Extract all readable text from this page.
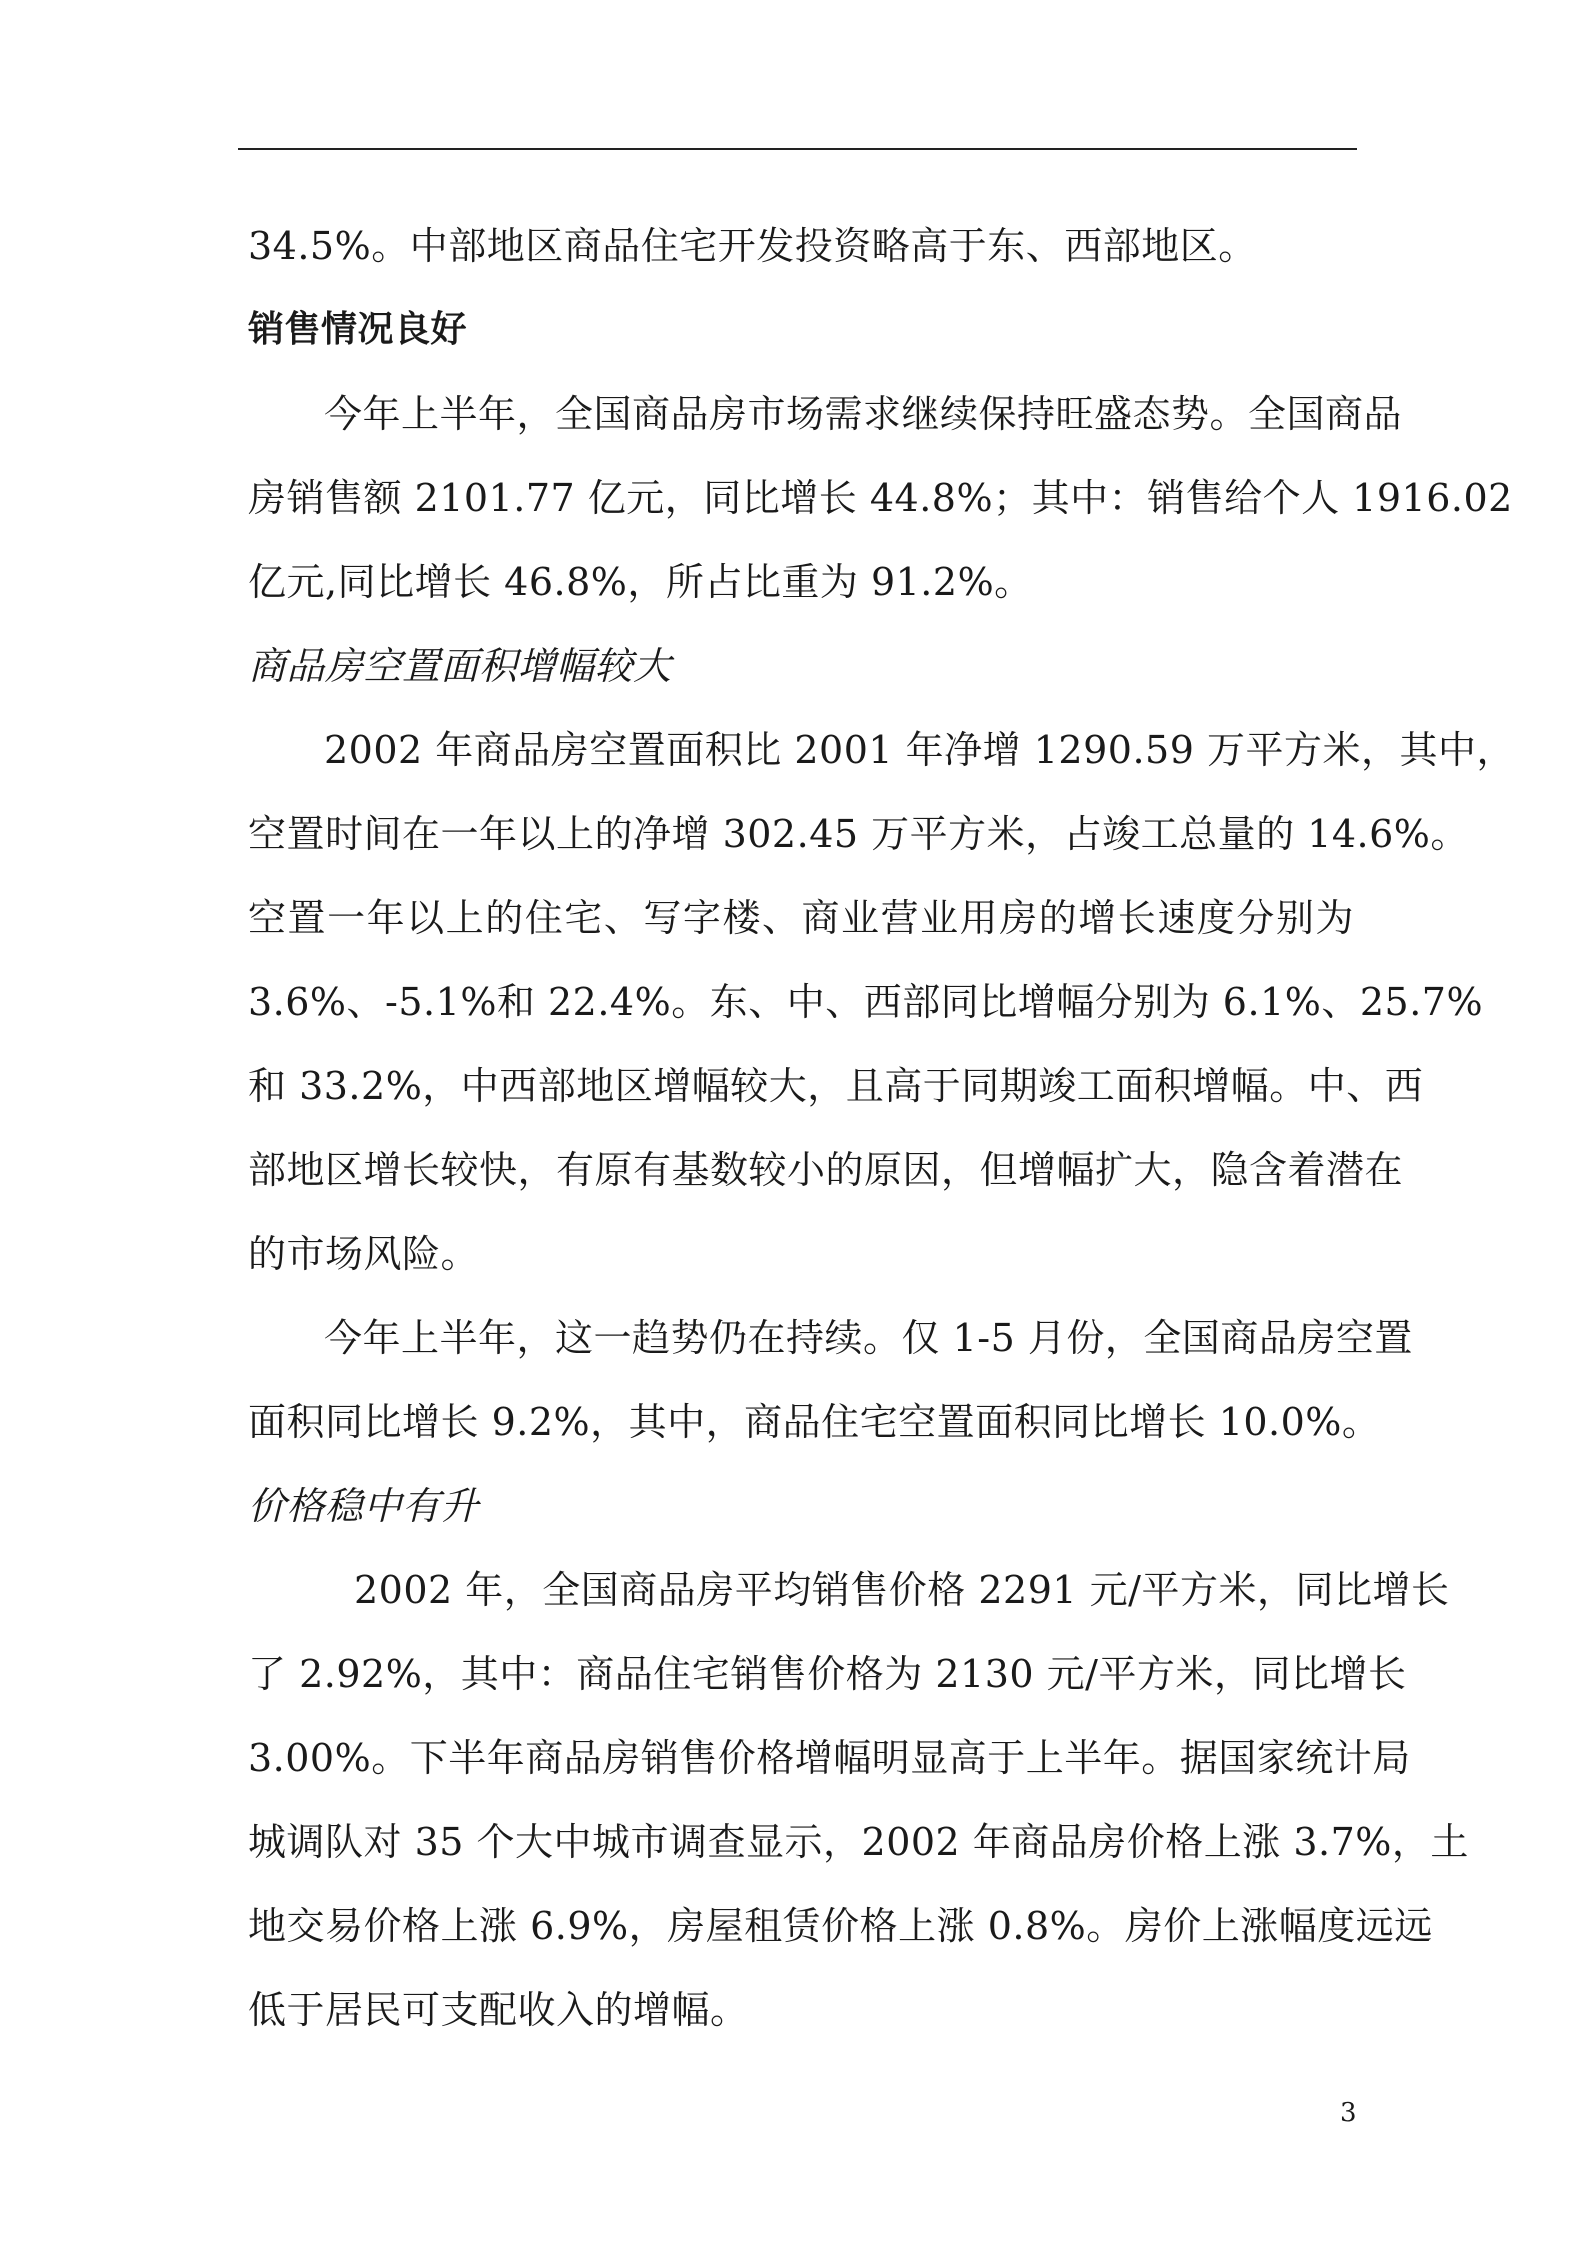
34.5%。中部地区商品住宅开发投资略高于东、西部地区。
销售情况良好
今年上半年，全国商品房市场需求继续保持旺盛态势。全国商品
房销售额 2101.77 亿元，同比增长 44.8%；其中：销售给个人 1916.02
亿元,同比增长 46.8%，所占比重为 91.2%。
商品房空置面积增幅较大
2002 年商品房空置面积比 2001 年净增 1290.59 万平方米，其中，
空置时间在一年以上的净增 302.45 万平方米，占竣工总量的 14.6%。
空置一年以上的住宅、写字楼、商业营业用房的增长速度分别为
3.6%、-5.1%和 22.4%。东、中、西部同比增幅分别为 6.1%、25.7%
和 33.2%，中西部地区增幅较大，且高于同期竣工面积增幅。中、西
部地区增长较快，有原有基数较小的原因，但增幅扩大，隐含着潜在
的市场风险。
今年上半年，这一趋势仍在持续。仅 1-5 月份，全国商品房空置
面积同比增长 9.2%，其中，商品住宅空置面积同比增长 10.0%。
价格稳中有升
2002 年，全国商品房平均销售价格 2291 元/平方米，同比增长
了 2.92%，其中：商品住宅销售价格为 2130 元/平方米，同比增长
3.00%。下半年商品房销售价格增幅明显高于上半年。据国家统计局
城调队对 35 个大中城市调查显示，2002 年商品房价格上涨 3.7%，土
地交易价格上涨 6.9%，房屋租赁价格上涨 0.8%。房价上涨幅度远远
低于居民可支配收入的增幅。
3
